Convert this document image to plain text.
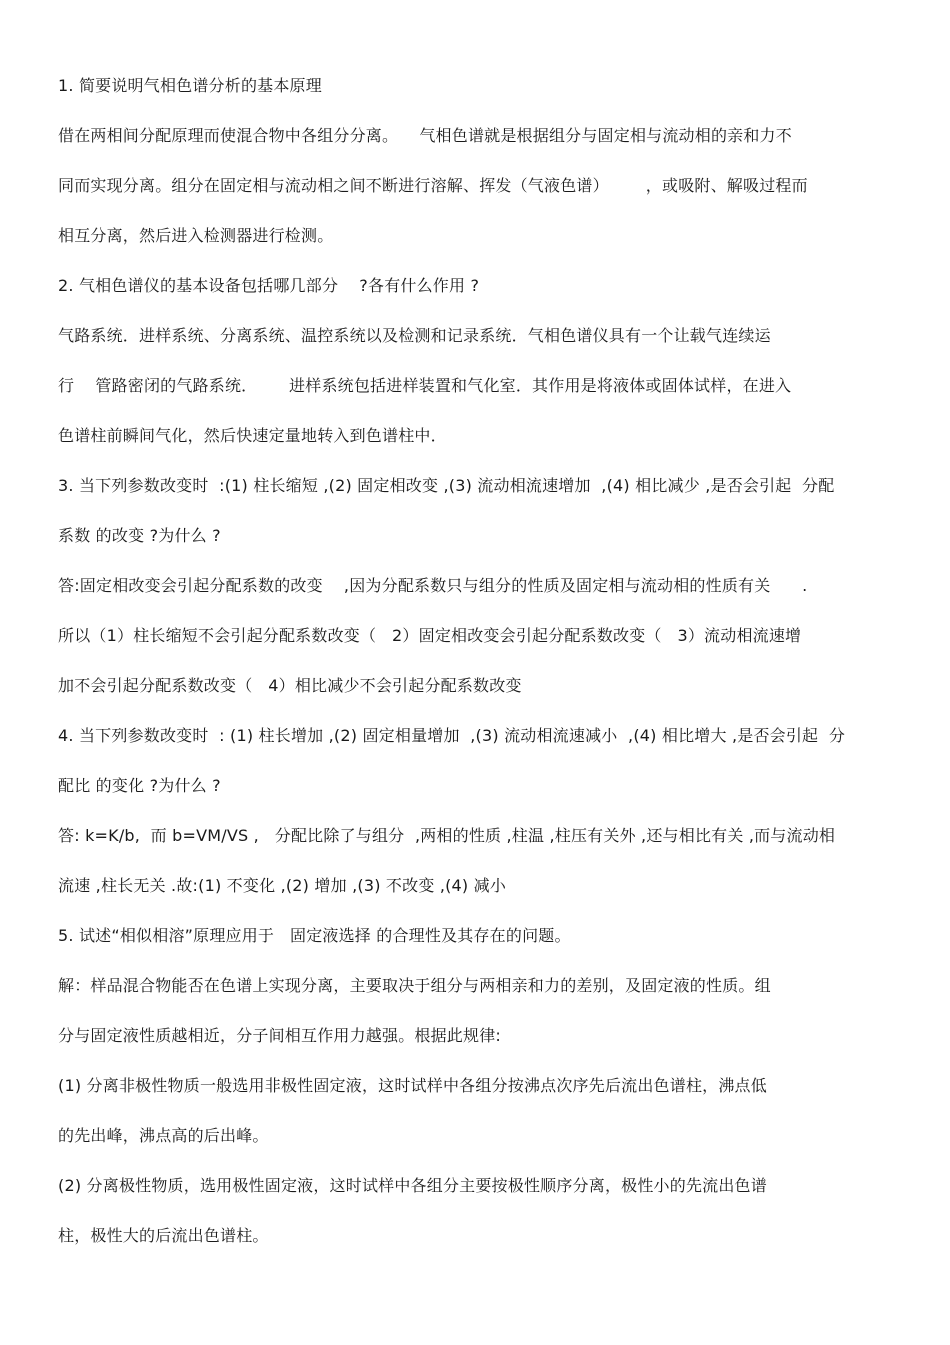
1. 简要说明气相色谱分析的基本原理

借在两相间分配原理而使混合物中各组分分离。    气相色谱就是根据组分与固定相与流动相的亲和力不

同而实现分离。组分在固定相与流动相之间不断进行溶解、挥发（气液色谱）       ，或吸附、解吸过程而

相互分离，然后进入检测器进行检测。

2. 气相色谱仪的基本设备包括哪几部分    ?各有什么作用 ?

气路系统．进样系统、分离系统、温控系统以及检测和记录系统．气相色谱仪具有一个让载气连续运

行    管路密闭的气路系统．      进样系统包括进样装置和气化室．其作用是将液体或固体试样，在进入

色谱柱前瞬间气化，然后快速定量地转入到色谱柱中．

3. 当下列参数改变时  :(1) 柱长缩短 ,(2) 固定相改变 ,(3) 流动相流速增加  ,(4) 相比减少 ,是否会引起  分配

系数 的改变 ?为什么 ?

答:固定相改变会引起分配系数的改变    ,因为分配系数只与组分的性质及固定相与流动相的性质有关      .

所以（1）柱长缩短不会引起分配系数改变（   2）固定相改变会引起分配系数改变（   3）流动相流速增

加不会引起分配系数改变（   4）相比减少不会引起分配系数改变

4. 当下列参数改变时  : (1) 柱长增加 ,(2) 固定相量增加  ,(3) 流动相流速减小  ,(4) 相比增大 ,是否会引起  分

配比 的变化 ?为什么 ?

答: k=K/b,  而 b=VM/VS ,   分配比除了与组分  ,两相的性质 ,柱温 ,柱压有关外 ,还与相比有关 ,而与流动相

流速 ,柱长无关 .故:(1) 不变化 ,(2) 增加 ,(3) 不改变 ,(4) 减小

5. 试述“相似相溶”原理应用于   固定液选择 的合理性及其存在的问题。

解：样品混合物能否在色谱上实现分离，主要取决于组分与两相亲和力的差别，及固定液的性质。组

分与固定液性质越相近，分子间相互作用力越强。根据此规律:

(1) 分离非极性物质一般选用非极性固定液，这时试样中各组分按沸点次序先后流出色谱柱，沸点低

的先出峰，沸点高的后出峰。

(2) 分离极性物质，选用极性固定液，这时试样中各组分主要按极性顺序分离，极性小的先流出色谱

柱，极性大的后流出色谱柱。
